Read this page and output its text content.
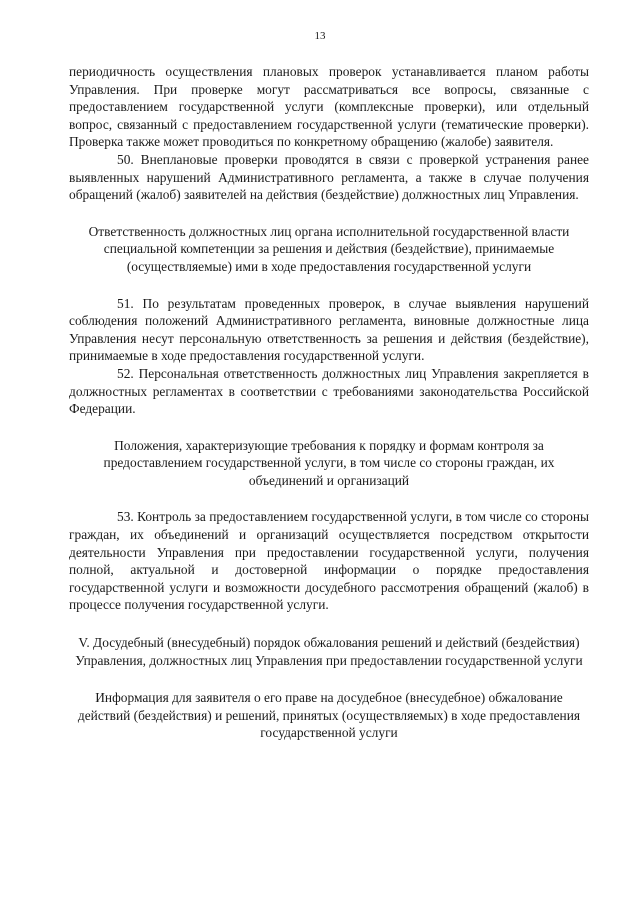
13

периодичность осуществления плановых проверок устанавливается планом работы Управления. При проверке могут рассматриваться все вопросы, связанные с предоставлением государственной услуги (комплексные проверки), или отдельный вопрос, связанный с предоставлением государственной услуги (тематические проверки). Проверка также может проводиться по конкретному обращению (жалобе) заявителя.

50. Внеплановые проверки проводятся в связи с проверкой устранения ранее выявленных нарушений Административного регламента, а также в случае получения обращений (жалоб) заявителей на действия (бездействие) должностных лиц Управления.

Ответственность должностных лиц органа исполнительной государственной власти специальной компетенции за решения и действия (бездействие), принимаемые (осуществляемые) ими в ходе предоставления государственной услуги

51. По результатам проведенных проверок, в случае выявления нарушений соблюдения положений Административного регламента, виновные должностные лица Управления несут персональную ответственность за решения и действия (бездействие), принимаемые в ходе предоставления государственной услуги.

52. Персональная ответственность должностных лиц Управления закрепляется в должностных регламентах в соответствии с требованиями законодательства Российской Федерации.

Положения, характеризующие требования к порядку и формам контроля за предоставлением государственной услуги, в том числе со стороны граждан, их объединений и организаций

53. Контроль за предоставлением государственной услуги, в том числе со стороны граждан, их объединений и организаций осуществляется посредством открытости деятельности Управления при предоставлении государственной услуги, получения полной, актуальной и достоверной информации о порядке предоставления государственной услуги и возможности досудебного рассмотрения обращений (жалоб) в процессе получения государственной услуги.

V. Досудебный (внесудебный) порядок обжалования решений и действий (бездействия) Управления, должностных лиц Управления при предоставлении государственной услуги

Информация для заявителя о его праве на досудебное (внесудебное) обжалование действий (бездействия) и решений, принятых (осуществляемых) в ходе предоставления государственной услуги
